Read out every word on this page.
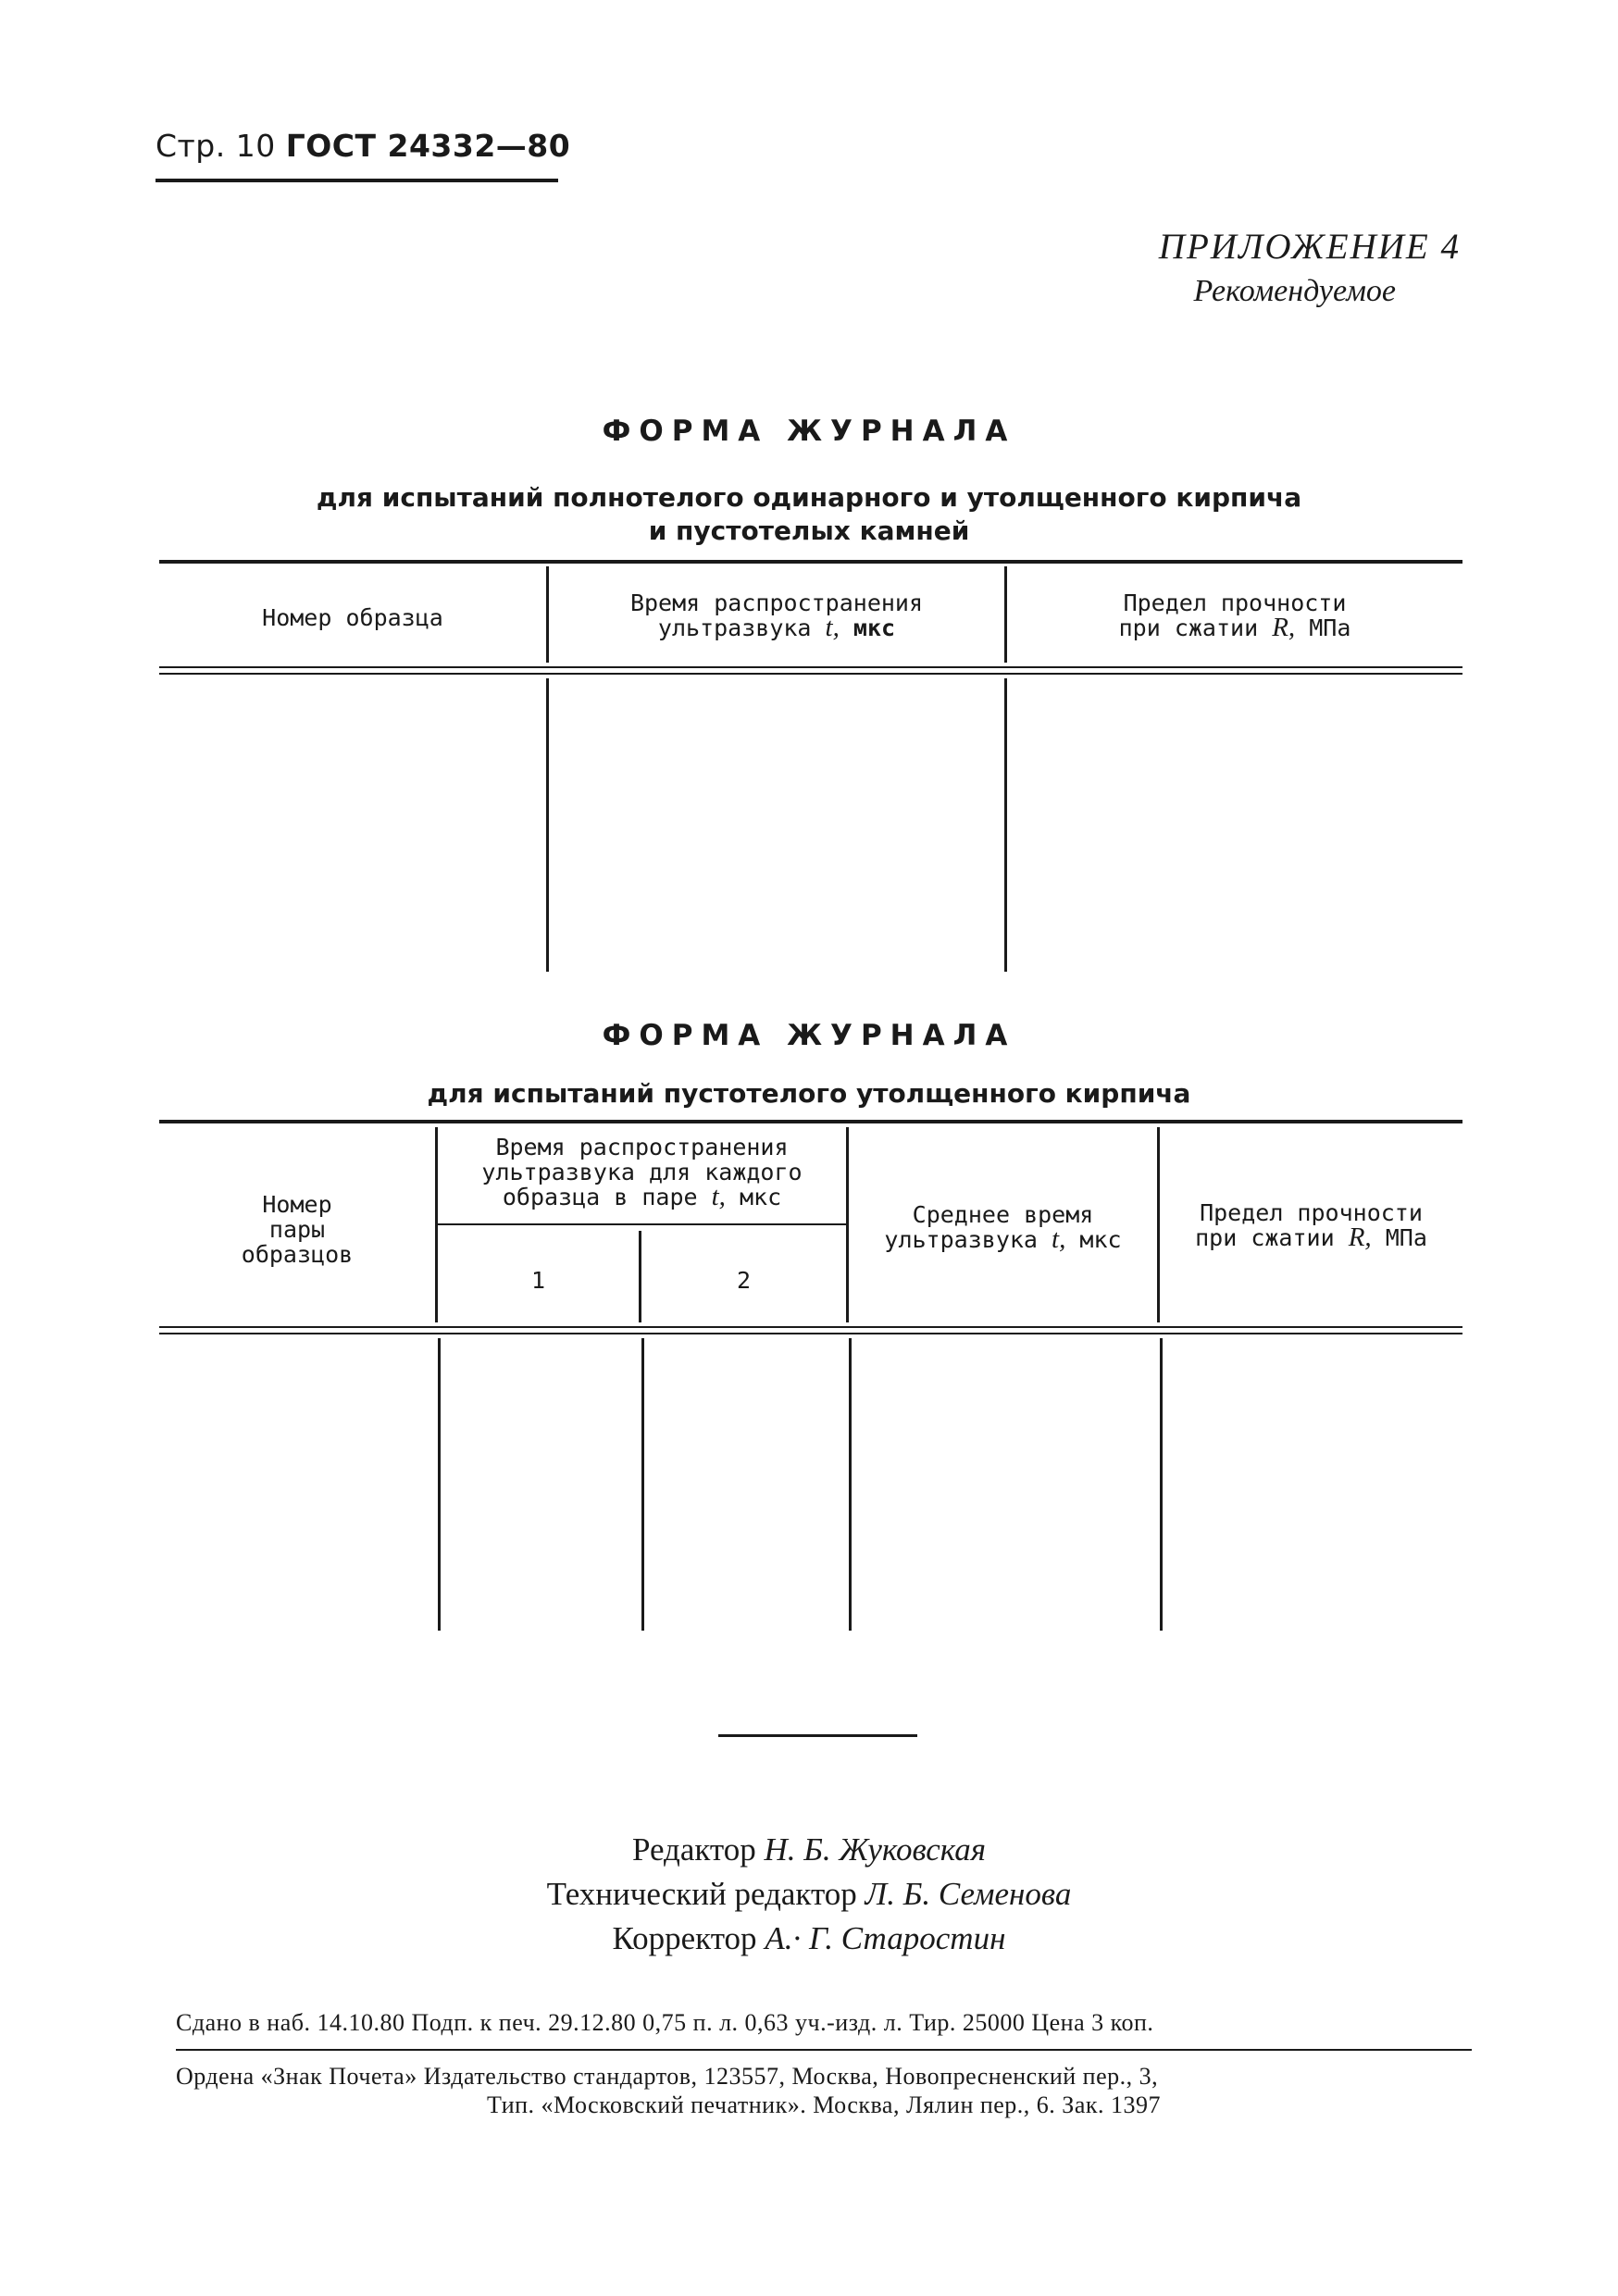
Стр. 10 ГОСТ 24332—80
ПРИЛОЖЕНИЕ 4
Рекомендуемое
ФОРМА ЖУРНАЛА
для испытаний полнотелого одинарного и утолщенного кирпича
и пустотелых камней
Номер образца
Время распространения
ультразвука t, мкс
Предел прочности
при сжатии R, МПа
ФОРМА ЖУРНАЛА
для испытаний пустотелого утолщенного кирпича
Номер
пары
образцов
Время распространения
ультразвука для каждого
образца в паре t, мкс
1	2
Среднее время
ультразвука t, мкс
Предел прочности
при сжатии R, МПа
Редактор Н. Б. Жуковская
Технический редактор Л. Б. Семенова
Корректор А.· Г. Старостин
Сдано в наб. 14.10.80 Подп. к печ. 29.12.80 0,75 п. л. 0,63 уч.-изд. л. Тир. 25000 Цена 3 коп.
Ордена «Знак Почета» Издательство стандартов, 123557, Москва, Новопресненский пер., 3,
Тип. «Московский печатник». Москва, Лялин пер., 6. Зак. 1397
